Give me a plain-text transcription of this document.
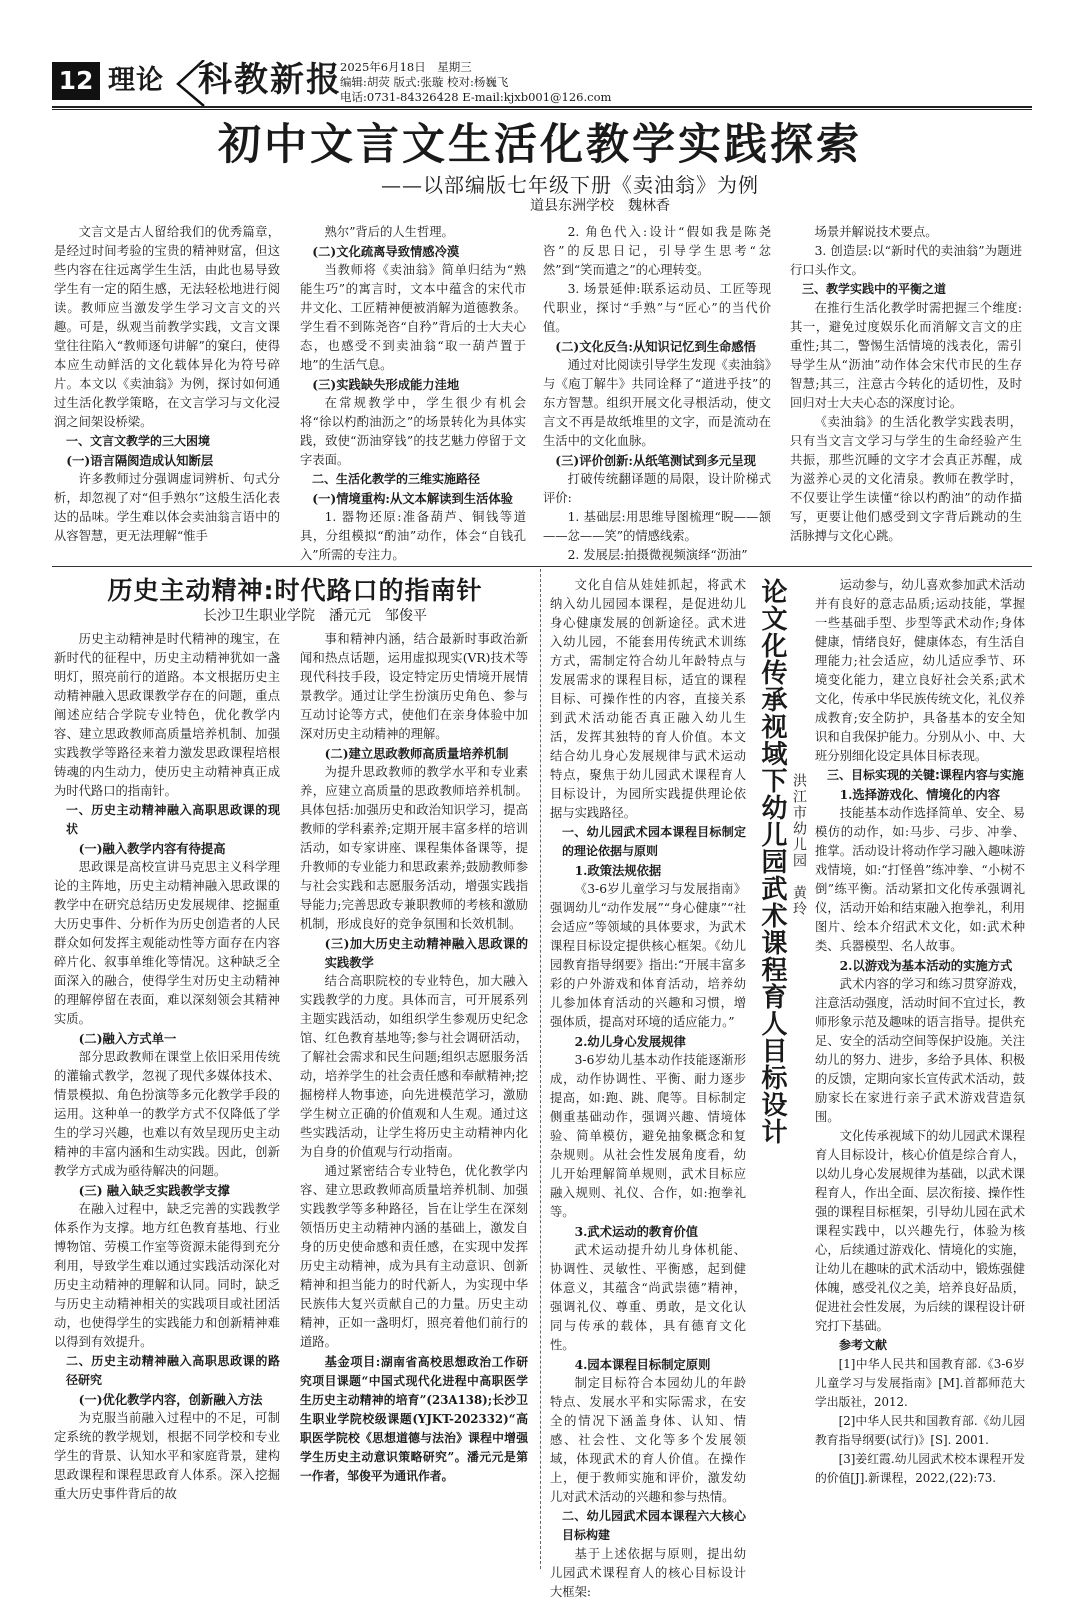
12 理论 科教新报
2025年6月18日　星期三
编辑:胡荧 版式:张璇 校对:杨巍飞
电话:0731-84326428 E-mail:kjxb001@126.com
初中文言文生活化教学实践探索
——以部编版七年级下册《卖油翁》为例
道县东洲学校　魏林香

文言文是古人留给我们的优秀篇章，是经过时间考验的宝贵的精神财富，但这些内容在往远离学生生活，由此也易导致学生有一定的陌生感，无法轻松地进行阅读。教师应当激发学生学习文言文的兴趣。可是，纵观当前教学实践，文言文课堂往往陷入“教师逐句讲解”的窠臼，使得本应生动鲜活的文化载体异化为符号碎片。本文以《卖油翁》为例，探讨如何通过生活化教学策略，在文言学习与文化浸润之间架设桥梁。

一、文言文教学的三大困境

(一)语言隔阂造成认知断层

许多教师过分强调虚词辨析、句式分析，却忽视了对“但手熟尔”这般生活化表达的品味。学生难以体会卖油翁言语中的从容智慧，更无法理解“惟手

熟尔”背后的人生哲理。

(二)文化疏离导致情感冷漠

当教师将《卖油翁》简单归结为“熟能生巧”的寓言时，文本中蕴含的宋代市井文化、工匠精神便被消解为道德教条。学生看不到陈尧咨“自矜”背后的士大夫心态，也感受不到卖油翁“取一葫芦置于地”的生活气息。

(三)实践缺失形成能力洼地

在常规教学中，学生很少有机会将“徐以杓酌油沥之”的场景转化为具体实践，致使“沥油穿钱”的技艺魅力停留于文字表面。

二、生活化教学的三维实施路径

(一)情境重构:从文本解读到生活体验

1. 器物还原:准备葫芦、铜钱等道具，分组模拟“酌油”动作，体会“自钱孔入”所需的专注力。

2. 角色代入:设计“假如我是陈尧咨”的反思日记，引导学生思考“忿然”到“笑而遣之”的心理转变。

3. 场景延伸:联系运动员、工匠等现代职业，探讨“手熟”与“匠心”的当代价值。

(二)文化反刍:从知识记忆到生命感悟

通过对比阅读引导学生发现《卖油翁》与《庖丁解牛》共同诠释了“道进乎技”的东方智慧。组织开展文化寻根活动，使文言文不再是故纸堆里的文字，而是流动在生活中的文化血脉。

(三)评价创新:从纸笔测试到多元呈现

打破传统翻译题的局限，设计阶梯式评价:

1. 基础层:用思维导图梳理“睨——颔——忿——笑”的情感线索。

2. 发展层:拍摄微视频演绎“沥油”

场景并解说技术要点。

3. 创造层:以“新时代的卖油翁”为题进行口头作文。

三、教学实践中的平衡之道

在推行生活化教学时需把握三个维度:其一，避免过度娱乐化而消解文言文的庄重性;其二，警惕生活情境的浅表化，需引导学生从“沥油”动作体会宋代市民的生存智慧;其三，注意古今转化的适切性，及时回归对士大夫心态的深度讨论。

《卖油翁》的生活化教学实践表明，只有当文言文学习与学生的生命经验产生共振，那些沉睡的文字才会真正苏醒，成为滋养心灵的文化清泉。教师在教学时，不仅要让学生读懂“徐以杓酌油”的动作描写，更要让他们感受到文字背后跳动的生活脉搏与文化心跳。

历史主动精神:时代路口的指南针
长沙卫生职业学院　潘元元　邹俊平

历史主动精神是时代精神的瑰宝，在新时代的征程中，历史主动精神犹如一盏明灯，照亮前行的道路。本文根据历史主动精神融入思政课教学存在的问题，重点阐述应结合学院专业特色，优化教学内容、建立思政教师高质量培养机制、加强实践教学等路径来着力激发思政课程培根铸魂的内生动力，使历史主动精神真正成为时代路口的指南针。

一、历史主动精神融入高职思政课的现状

(一)融入教学内容有待提高

思政课是高校宣讲马克思主义科学理论的主阵地，历史主动精神融入思政课的教学中在研究总结历史发展规律、挖掘重大历史事件、分析作为历史创造者的人民群众如何发挥主观能动性等方面存在内容碎片化、叙事单维化等情况。这种缺乏全面深入的融合，使得学生对历史主动精神的理解停留在表面，难以深刻领会其精神实质。

(二)融入方式单一

部分思政教师在课堂上依旧采用传统的灌输式教学，忽视了现代多媒体技术、情景模拟、角色扮演等多元化教学手段的运用。这种单一的教学方式不仅降低了学生的学习兴趣，也难以有效呈现历史主动精神的丰富内涵和生动实践。因此，创新教学方式成为亟待解决的问题。

(三) 融入缺乏实践教学支撑

在融入过程中，缺乏完善的实践教学体系作为支撑。地方红色教育基地、行业博物馆、劳模工作室等资源未能得到充分利用，导致学生难以通过实践活动深化对历史主动精神的理解和认同。同时，缺乏与历史主动精神相关的实践项目或社团活动，也使得学生的实践能力和创新精神难以得到有效提升。

二、历史主动精神融入高职思政课的路径研究

(一)优化教学内容，创新融入方法

为克服当前融入过程中的不足，可制定系统的教学规划，根据不同学校和专业学生的背景、认知水平和家庭背景，建构思政课程和课程思政育人体系。深入挖掘重大历史事件背后的故

事和精神内涵，结合最新时事政治新闻和热点话题，运用虚拟现实(VR)技术等现代科技手段，设定特定历史情境开展情景教学。通过让学生扮演历史角色、参与互动讨论等方式，使他们在亲身体验中加深对历史主动精神的理解。

(二)建立思政教师高质量培养机制

为提升思政教师的教学水平和专业素养，应建立高质量的思政教师培养机制。具体包括:加强历史和政治知识学习，提高教师的学科素养;定期开展丰富多样的培训活动，如专家讲座、课程集体备课等，提升教师的专业能力和思政素养;鼓励教师参与社会实践和志愿服务活动，增强实践指导能力;完善思政专兼职教师的考核和激励机制，形成良好的竞争氛围和长效机制。

(三)加大历史主动精神融入思政课的实践教学

结合高职院校的专业特色，加大融入实践教学的力度。具体而言，可开展系列主题实践活动，如组织学生参观历史纪念馆、红色教育基地等;参与社会调研活动，了解社会需求和民生问题;组织志愿服务活动，培养学生的社会责任感和奉献精神;挖掘榜样人物事迹，向先进模范学习，激励学生树立正确的价值观和人生观。通过这些实践活动，让学生将历史主动精神内化为自身的价值观与行动指南。

通过紧密结合专业特色，优化教学内容、建立思政教师高质量培养机制、加强实践教学等多种路径，旨在让学生在深刻领悟历史主动精神内涵的基础上，激发自身的历史使命感和责任感，在实现中发挥历史主动精神，成为具有主动意识、创新精神和担当能力的时代新人，为实现中华民族伟大复兴贡献自己的力量。历史主动精神，正如一盏明灯，照亮着他们前行的道路。

基金项目:湖南省高校思想政治工作研究项目课题“中国式现代化进程中高职医学生历史主动精神的培育”(23A138);长沙卫生职业学院校级课题(YJKT-202332)“高职医学院校《思想道德与法治》课程中增强学生历史主动意识策略研究”。潘元元是第一作者，邹俊平为通讯作者。

文化自信从娃娃抓起，将武术纳入幼儿园园本课程，是促进幼儿身心健康发展的创新途径。武术进入幼儿园，不能套用传统武术训练方式，需制定符合幼儿年龄特点与发展需求的课程目标，适宜的课程目标、可操作性的内容，直接关系到武术活动能否真正融入幼儿生活，发挥其独特的育人价值。本文结合幼儿身心发展规律与武术运动特点，聚焦于幼儿园武术课程育人目标设计，为园所实践提供理论依据与实践路径。

一、幼儿园武术园本课程目标制定的理论依据与原则

1.政策法规依据

《3-6岁儿童学习与发展指南》强调幼儿“动作发展”“身心健康”“社会适应”等领域的具体要求，为武术课程目标设定提供核心框架。《幼儿园教育指导纲要》指出:“开展丰富多彩的户外游戏和体育活动，培养幼儿参加体育活动的兴趣和习惯，增强体质，提高对环境的适应能力。”

2.幼儿身心发展规律

3-6岁幼儿基本动作技能逐渐形成，动作协调性、平衡、耐力逐步提高，如:跑、跳、爬等。目标制定侧重基础动作，强调兴趣、情境体验、简单模仿，避免抽象概念和复杂规则。从社会性发展角度看，幼儿开始理解简单规则，武术目标应融入规则、礼仪、合作，如:抱拳礼等。

3.武术运动的教育价值

武术运动提升幼儿身体机能、协调性、灵敏性、平衡感，起到健体意义，其蕴含“尚武崇德”精神，强调礼仪、尊重、勇敢，是文化认同与传承的载体，具有德育文化性。

4.园本课程目标制定原则

制定目标符合本园幼儿的年龄特点、发展水平和实际需求，在安全的情况下涵盖身体、认知、情感、社会性、文化等多个发展领域，体现武术的育人价值。在操作上，便于教师实施和评价，激发幼儿对武术活动的兴趣和参与热情。

二、幼儿园武术园本课程六大核心目标构建

基于上述依据与原则，提出幼儿园武术课程育人的核心目标设计大框架:

论文化传承视域下幼儿园武术课程育人目标设计 洪江市幼儿园　黄玲

运动参与，幼儿喜欢参加武术活动并有良好的意志品质;运动技能，掌握一些基础手型、步型等武术动作;身体健康，情绪良好，健康体态，有生活自理能力;社会适应，幼儿适应季节、环境变化能力，建立良好社会关系;武术文化，传承中华民族传统文化，礼仪养成教育;安全防护，具备基本的安全知识和自我保护能力。分别从小、中、大班分别细化设定具体目标表现。

三、目标实现的关键:课程内容与实施

1.选择游戏化、情境化的内容

技能基本动作选择简单、安全、易模仿的动作，如:马步、弓步、冲拳、推掌。活动设计将动作学习融入趣味游戏情境，如:“打怪兽”练冲拳、“小树不倒”练平衡。活动紧扣文化传承强调礼仪，活动开始和结束融入抱拳礼，利用图片、绘本介绍武术文化，如:武术种类、兵器模型、名人故事。

2.以游戏为基本活动的实施方式

武术内容的学习和练习贯穿游戏，注意活动强度，活动时间不宜过长，教师形象示范及趣味的语言指导。提供充足、安全的活动空间等保护设施。关注幼儿的努力、进步，多给予具体、积极的反馈，定期向家长宣传武术活动，鼓励家长在家进行亲子武术游戏营造氛围。

文化传承视域下的幼儿园武术课程育人目标设计，核心价值是综合育人，以幼儿身心发展规律为基础，以武术课程育人，作出全面、层次衔接、操作性强的课程目标框架，引导幼儿园在武术课程实践中，以兴趣先行，体验为核心，后续通过游戏化、情境化的实施，让幼儿在趣味的武术活动中，锻炼强健体魄，感受礼仪之美，培养良好品质，促进社会性发展，为后续的课程设计研究打下基础。

参考文献

[1]中华人民共和国教育部.《3-6岁儿童学习与发展指南》[M].首都师范大学出版社，2012.

[2]中华人民共和国教育部.《幼儿园教育指导纲要(试行)》[S]. 2001.

[3]姜红霞.幼儿园武术校本课程开发的价值[J].新课程，2022,(22):73.
